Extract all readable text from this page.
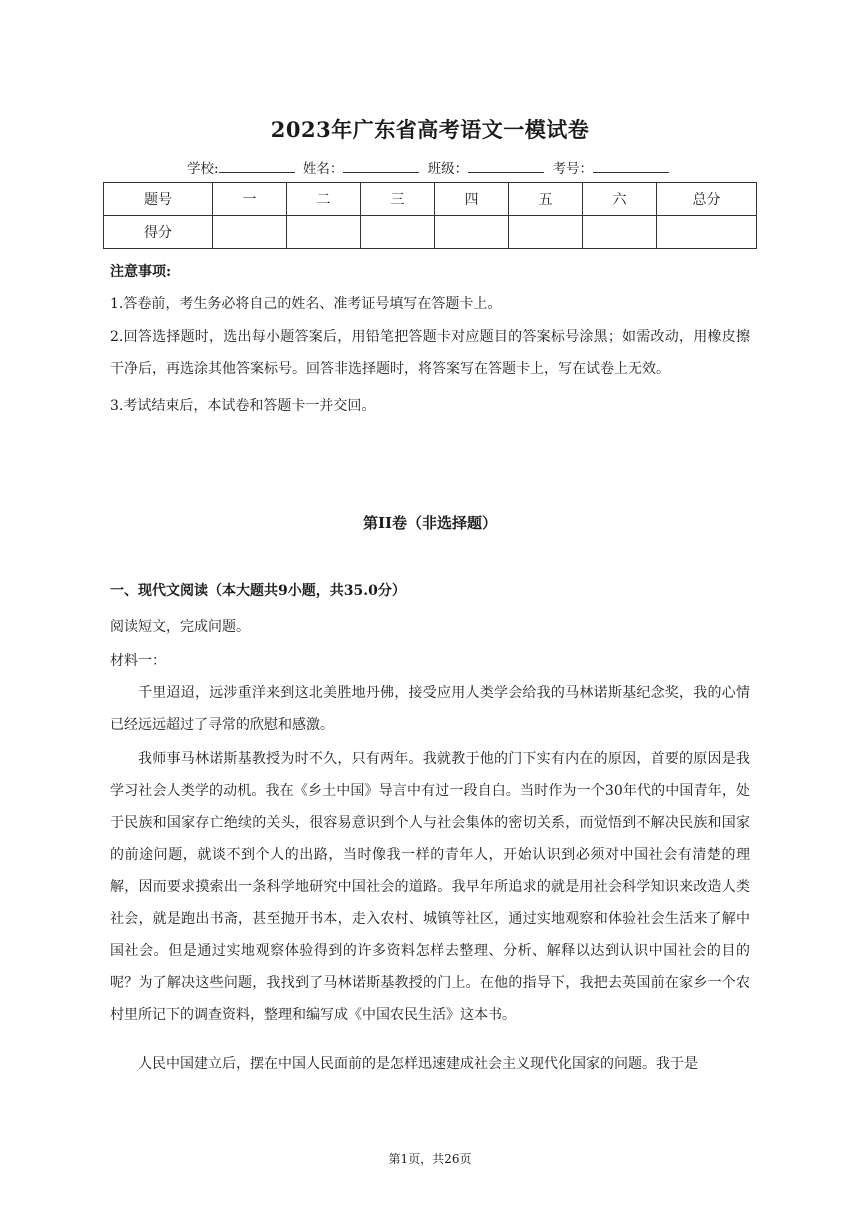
2023年广东省高考语文一模试卷
学校:	姓名：	班级：	考号：
题号	一	二	三	四	五	六	总分
得分							
注意事项:
1.答卷前，考生务必将自己的姓名、准考证号填写在答题卡上。
2.回答选择题时，选出每小题答案后，用铅笔把答题卡对应题目的答案标号涂黑；如需改动，用橡皮擦干净后，再选涂其他答案标号。回答非选择题时，将答案写在答题卡上，写在试卷上无效。
3.考试结束后，本试卷和答题卡一并交回。
第II卷（非选择题）
一、现代文阅读（本大题共9小题，共35.0分）
阅读短文，完成问题。
材料一：
千里迢迢，远涉重洋来到这北美胜地丹佛，接受应用人类学会给我的马林诺斯基纪念奖，我的心情已经远远超过了寻常的欣慰和感激。
我师事马林诺斯基教授为时不久，只有两年。我就教于他的门下实有内在的原因，首要的原因是我学习社会人类学的动机。我在《乡土中国》导言中有过一段自白。当时作为一个30年代的中国青年，处于民族和国家存亡绝续的关头，很容易意识到个人与社会集体的密切关系，而觉悟到不解决民族和国家的前途问题，就谈不到个人的出路，当时像我一样的青年人，开始认识到必须对中国社会有清楚的理解，因而要求摸索出一条科学地研究中国社会的道路。我早年所追求的就是用社会科学知识来改造人类社会，就是跑出书斋，甚至抛开书本，走入农村、城镇等社区，通过实地观察和体验社会生活来了解中国社会。但是通过实地观察体验得到的许多资料怎样去整理、分析、解释以达到认识中国社会的目的呢？为了解决这些问题，我找到了马林诺斯基教授的门上。在他的指导下，我把去英国前在家乡一个农村里所记下的调查资料，整理和编写成《中国农民生活》这本书。
人民中国建立后，摆在中国人民面前的是怎样迅速建成社会主义现代化国家的问题。我于是
第1页，共26页
